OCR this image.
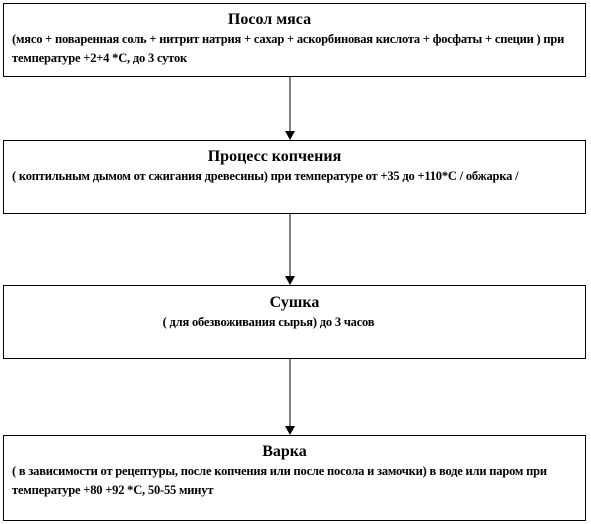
Посол мяса
(мясо + поваренная соль + нитрит натрия + сахар + аскорбиновая кислота + фосфаты + специи ) при температуре +2+4 *С, до 3 суток
Процесс копчения
( коптильным дымом от сжигания древесины) при температуре от +35 до +110*С / обжарка /
Сушка
( для обезвоживания сырья) до 3 часов
Варка
( в зависимости от рецептуры, после копчения или после посола и замочки) в воде или паром при температуре +80 +92 *С, 50-55 минут
